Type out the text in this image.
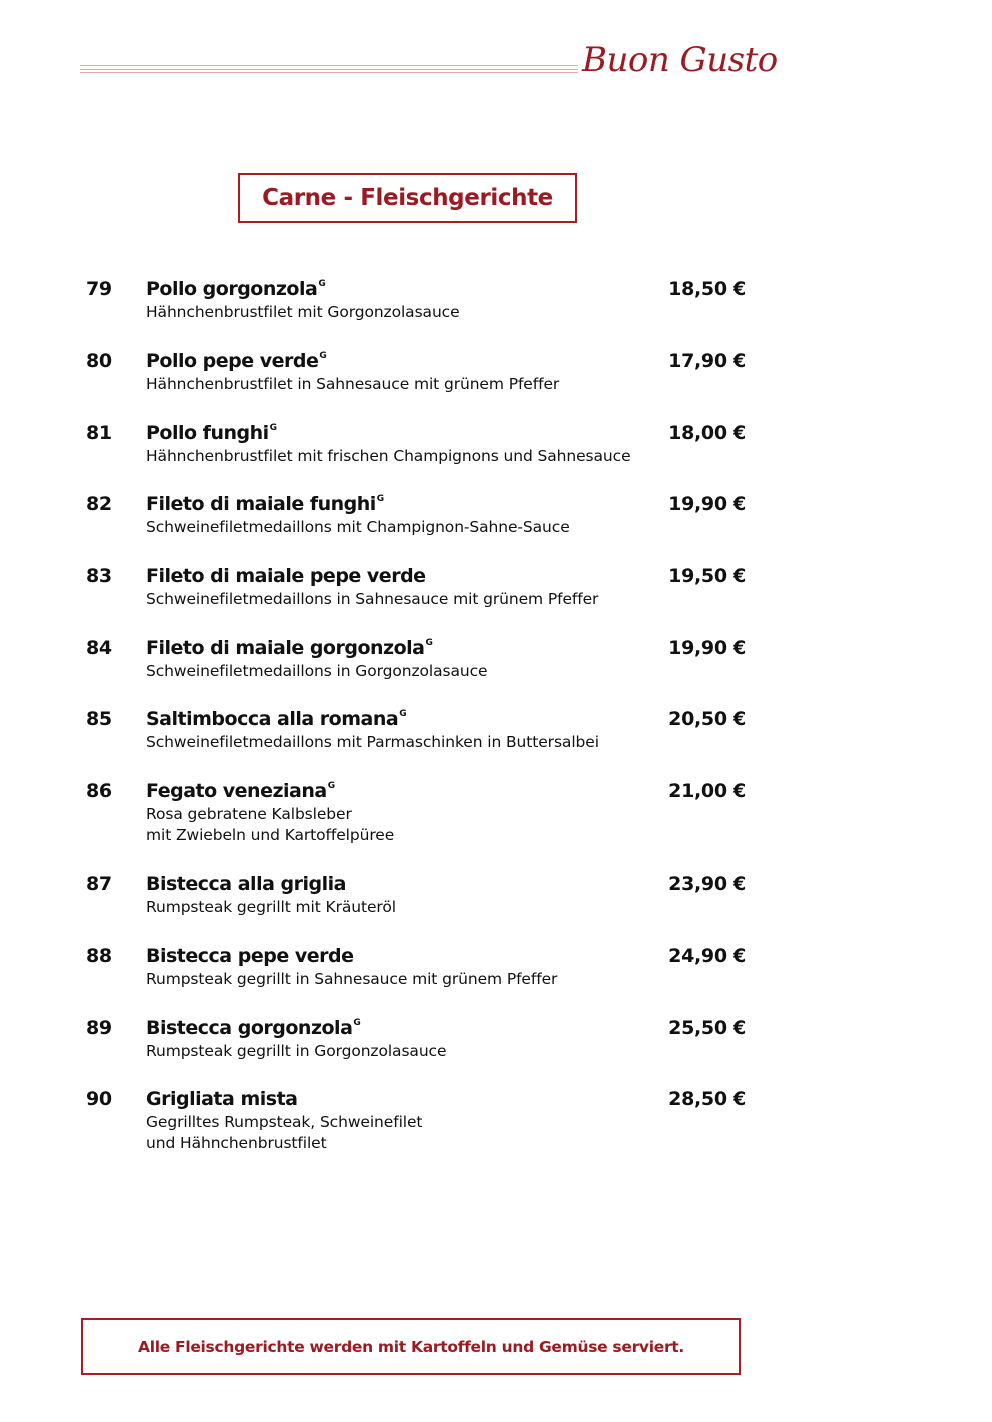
Buon Gusto
Carne - Fleischgerichte
79 Pollo gorgonzola$^G$
Hähnchenbrustfilet mit Gorgonzolasauce
18,50 €
80 Pollo pepe verde$^G$
Hähnchenbrustfilet in Sahnesauce mit grünem Pfeffer
17,90 €
81 Pollo funghi$^G$
Hähnchenbrustfilet mit frischen Champignons und Sahnesauce
18,00 €
82 Fileto di maiale funghi$^G$
Schweinefiletmedaillons mit Champignon-Sahne-Sauce
19,90 €
83 Fileto di maiale pepe verde
Schweinefiletmedaillons in Sahnesauce mit grünem Pfeffer
19,50 €
84 Fileto di maiale gorgonzola$^G$
Schweinefiletmedaillons in Gorgonzolasauce
19,90 €
85 Saltimbocca alla romana$^G$
Schweinefiletmedaillons mit Parmaschinken in Buttersalbei
20,50 €
86 Fegato veneziana$^G$
Rosa gebratene Kalbsleber
mit Zwiebeln und Kartoffelpüree
21,00 €
87 Bistecca alla griglia
Rumpsteak gegrillt mit Kräuteröl
23,90 €
88 Bistecca pepe verde
Rumpsteak gegrillt in Sahnesauce mit grünem Pfeffer
24,90 €
89 Bistecca gorgonzola$^G$
Rumpsteak gegrillt in Gorgonzolasauce
25,50 €
90 Grigliata mista
Gegrilltes Rumpsteak, Schweinefilet
und Hähnchenbrustfilet
28,50 €
Alle Fleischgerichte werden mit Kartoffeln und Gemüse serviert.
